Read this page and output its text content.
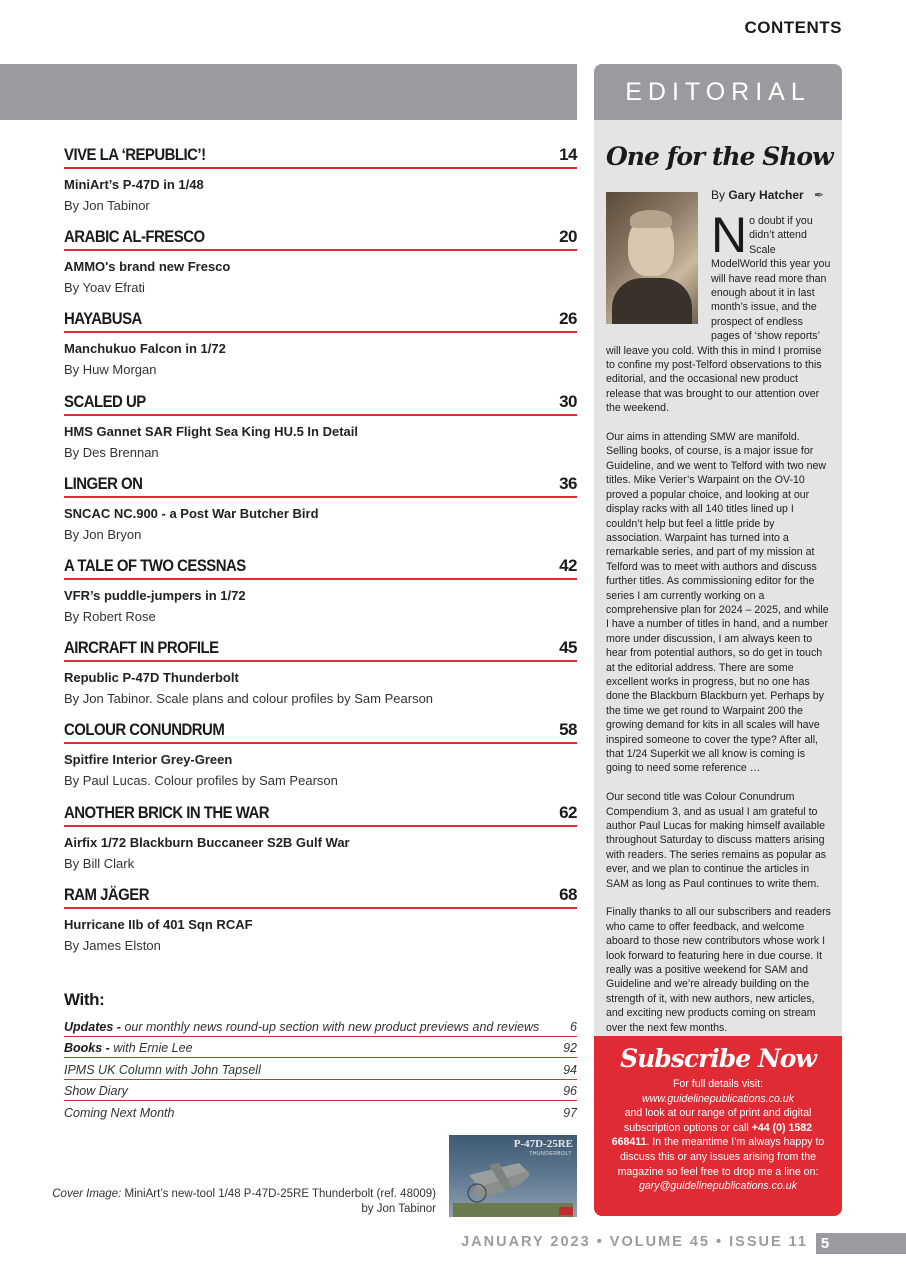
CONTENTS
VIVE LA ‘REPUBLIC’!	14
MiniArt’s P-47D in 1/48
By Jon Tabinor
ARABIC AL-FRESCO	20
AMMO's brand new Fresco
By Yoav Efrati
HAYABUSA	26
Manchukuo Falcon in 1/72
By Huw Morgan
SCALED UP	30
HMS Gannet SAR Flight Sea King HU.5 In Detail
By Des Brennan
LINGER ON	36
SNCAC NC.900 - a Post War Butcher Bird
By Jon Bryon
A TALE OF TWO CESSNAS	42
VFR’s puddle-jumpers in 1/72
By Robert Rose
AIRCRAFT IN PROFILE	45
Republic P-47D Thunderbolt
By Jon Tabinor. Scale plans and colour profiles by Sam Pearson
COLOUR CONUNDRUM	58
Spitfire Interior Grey-Green
By Paul Lucas. Colour profiles by Sam Pearson
ANOTHER BRICK IN THE WAR	62
Airfix 1/72 Blackburn Buccaneer S2B Gulf War
By Bill Clark
RAM JÄGER	68
Hurricane IIb of 401 Sqn RCAF
By James Elston
With:
Updates - our monthly news round-up section with new product previews and reviews 6
Books - with Ernie Lee	92
IPMS UK Column with John Tapsell	94
Show Diary	96
Coming Next Month	97
P-47D-25RE
THUNDERBOLT
Cover Image: MiniArt’s new-tool 1/48 P-47D-25RE Thunderbolt (ref. 48009)
by Jon Tabinor
EDITORIAL
One for the Show
By Gary Hatcher ✒

No doubt if you didn’t attend Scale ModelWorld this year you will have read more than enough about it in last month’s issue, and the prospect of endless pages of ‘show reports’ will leave you cold. With this in mind I promise to confine my post-Telford observations to this editorial, and the occasional new product release that was brought to our attention over the weekend.

Our aims in attending SMW are manifold. Selling books, of course, is a major issue for Guideline, and we went to Telford with two new titles. Mike Verier’s Warpaint on the OV-10 proved a popular choice, and looking at our display racks with all 140 titles lined up I couldn’t help but feel a little pride by association. Warpaint has turned into a remarkable series, and part of my mission at Telford was to meet with authors and discuss further titles. As commissioning editor for the series I am currently working on a comprehensive plan for 2024 – 2025, and while I have a number of titles in hand, and a number more under discussion, I am always keen to hear from potential authors, so do get in touch at the editorial address. There are some excellent works in progress, but no one has done the Blackburn Blackburn yet. Perhaps by the time we get round to Warpaint 200 the growing demand for kits in all scales will have inspired someone to cover the type? After all, that 1/24 Superkit we all know is coming is going to need some reference …

Our second title was Colour Conundrum Compendium 3, and as usual I am grateful to author Paul Lucas for making himself available throughout Saturday to discuss matters arising with readers. The series remains as popular as ever, and we plan to continue the articles in SAM as long as Paul continues to write them.

Finally thanks to all our subscribers and readers who came to offer feedback, and welcome aboard to those new contributors whose work I look forward to featuring here in due course. It really was a positive weekend for SAM and Guideline and we’re already building on the strength of it, with new authors, new articles, and exciting new products coming on stream over the next few months.

Subscribe Now
For full details visit:
www.guidelinepublications.co.uk
and look at our range of print and digital subscription options or call +44 (0) 1582 668411. In the meantime I’m always happy to discuss this or any issues arising from the magazine so feel free to drop me a line on:
gary@guidelinepublications.co.uk
JANUARY 2023 • VOLUME 45 • ISSUE 11 5
